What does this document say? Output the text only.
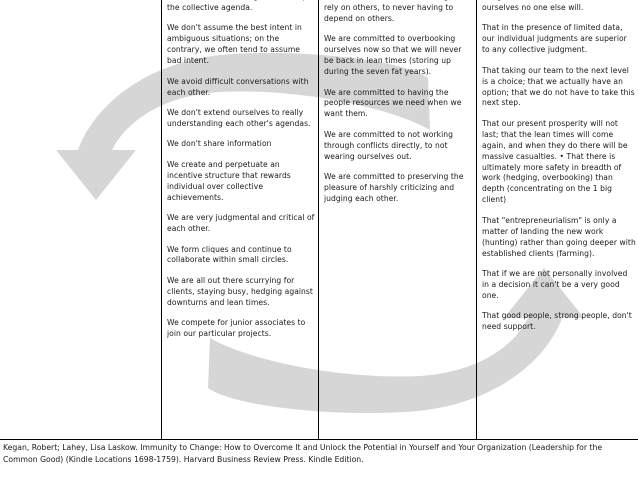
the collective agenda.

We don't assume the best intent in ambiguous situations; on the contrary, we often tend to assume bad intent.

We avoid difficult conversations with each other.

We don't extend ourselves to really understanding each other's agendas.

We don't share information

We create and perpetuate an incentive structure that rewards individual over collective achievements.

We are very judgmental and critical of each other.

We form cliques and continue to collaborate within small circles.

We are all out there scurrying for clients, staying busy, hedging against downturns and lean times.

We compete for junior associates to join our particular projects.

rely on others, to never having to depend on others.

We are committed to overbooking ourselves now so that we will never be back in lean times (storing up during the seven fat years).

We are committed to having the people resources we need when we want them.

We are committed to not working through conflicts directly, to not wearing ourselves out.

We are committed to preserving the pleasure of harshly criticizing and judging each other.

ourselves no one else will.

That in the presence of limited data, our individual judgments are superior to any collective judgment.

That taking our team to the next level is a choice; that we actually have an option; that we do not have to take this next step.

That our present prosperity will not last; that the lean times will come again, and when they do there will be massive casualties. • That there is ultimately more safety in breadth of work (hedging, overbooking) than depth (concentrating on the 1 big client)

That "entrepreneurialism" is only a matter of landing the new work (hunting) rather than going deeper with established clients (farming).

That if we are not personally involved in a decision it can't be a very good one.

That good people, strong people, don't need support.

Kegan, Robert; Lahey, Lisa Laskow. Immunity to Change: How to Overcome It and Unlock the Potential in Yourself and Your Organization (Leadership for the Common Good) (Kindle Locations 1698-1759). Harvard Business Review Press. Kindle Edition.
